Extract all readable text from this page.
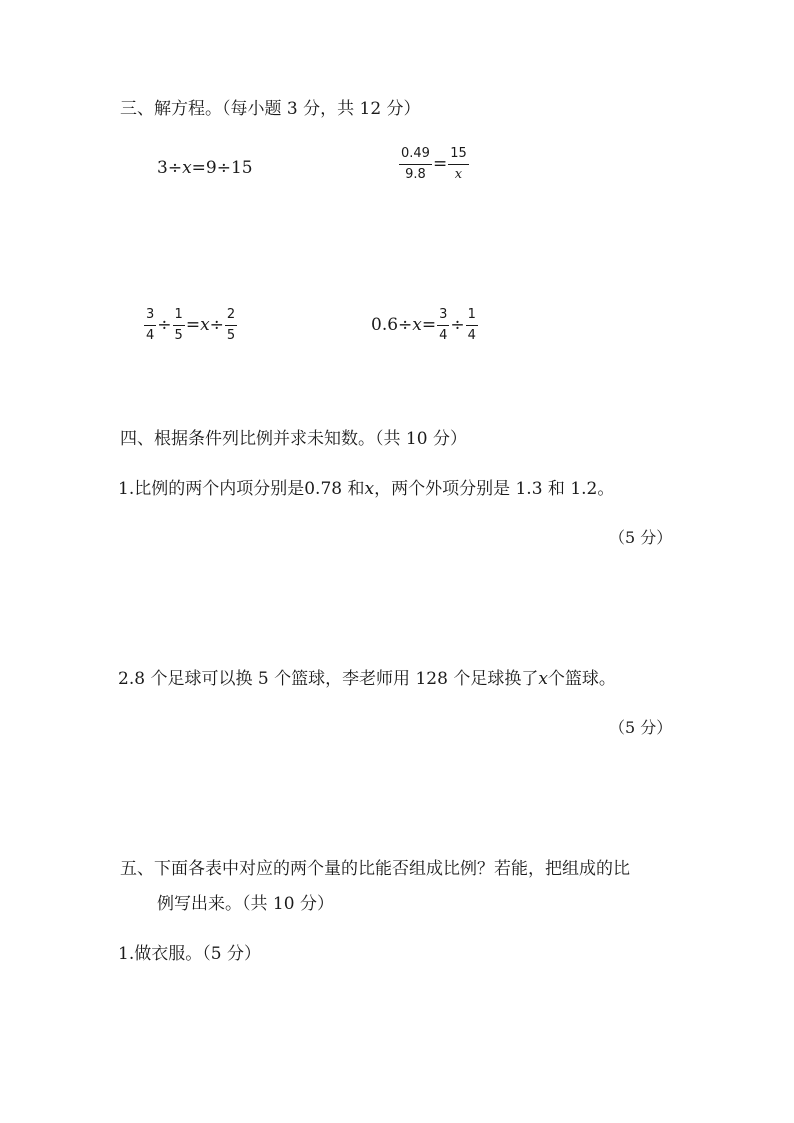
三、解方程。（每小题 3 分，共 12 分）
3÷x=9÷15	$\frac{0.49}{9.8} = \frac{15}{x}$
$\frac{3}{4} \div \frac{1}{5} =x\div \frac{2}{5}$	$0.6\div x= \frac{3}{4} \div \frac{1}{4}$
四、根据条件列比例并求未知数。（共 10 分）
1.比例的两个内项分别是0.78 和x，两个外项分别是 1.3 和 1.2。
（5 分）
2.8 个足球可以换 5 个篮球，李老师用 128 个足球换了x个篮球。
（5 分）
五、下面各表中对应的两个量的比能否组成比例？若能，把组成的比
例写出来。（共 10 分）
1.做衣服。（5 分）
